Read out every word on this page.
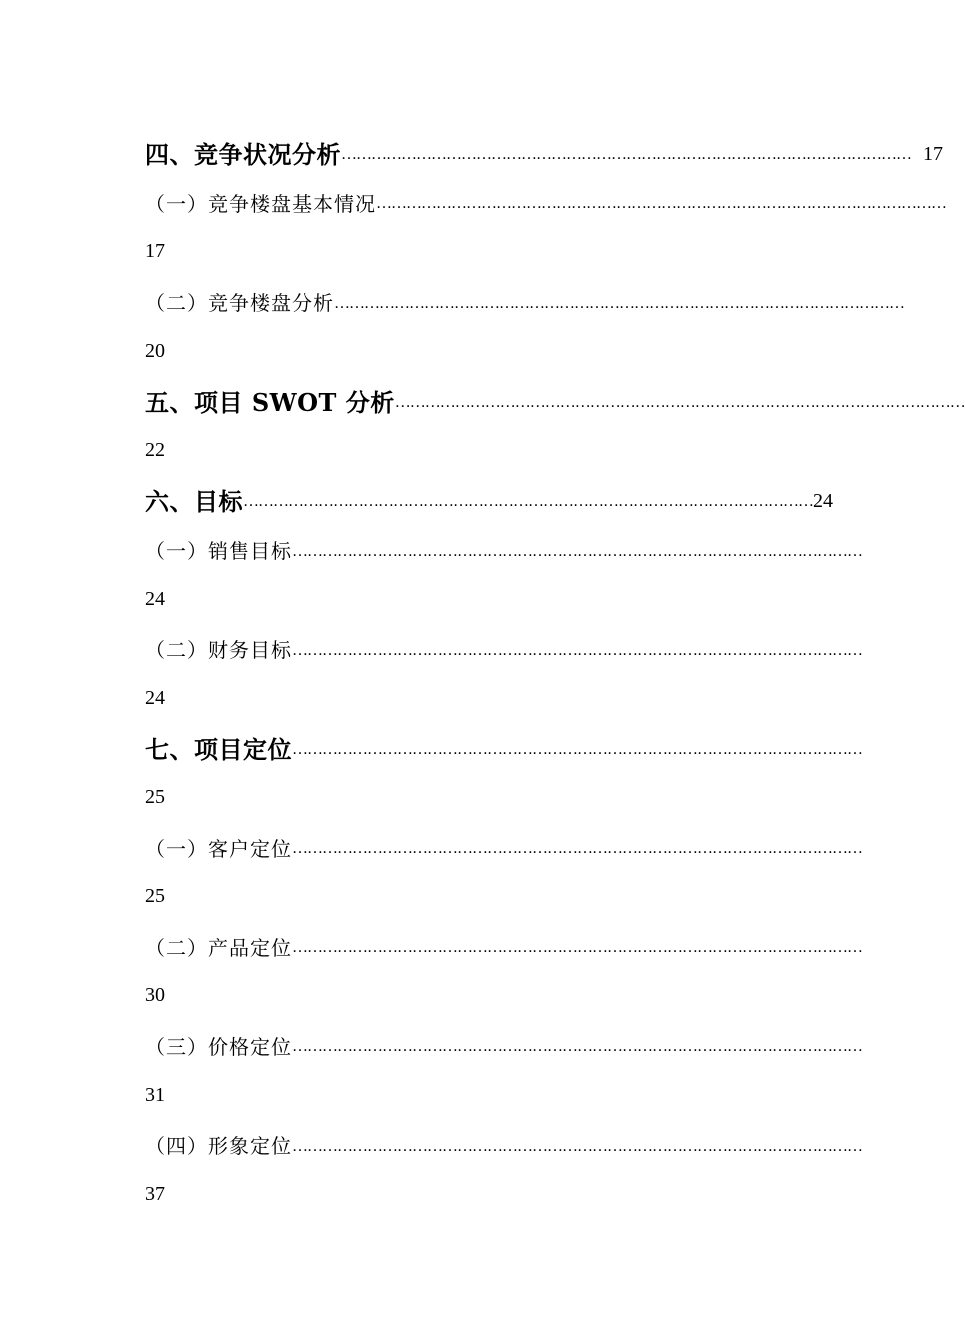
四、竞争状况分析 …………………………………………………………………………………………………… 17
（一）竞争楼盘基本情况 ……………………………………………………………………………………………………
17
（二）竞争楼盘分析 ……………………………………………………………………………………………………
20
五、项目 SWOT 分析 ……………………………………………………………………………………………………
22
六、目标 …………………………………………………………………………………………………… 24
（一）销售目标 ……………………………………………………………………………………………………
24
（二）财务目标 ……………………………………………………………………………………………………
24
七、项目定位 ……………………………………………………………………………………………………
25
（一）客户定位 ……………………………………………………………………………………………………
25
（二）产品定位 ……………………………………………………………………………………………………
30
（三）价格定位 ……………………………………………………………………………………………………
31
（四）形象定位 ……………………………………………………………………………………………………
37
